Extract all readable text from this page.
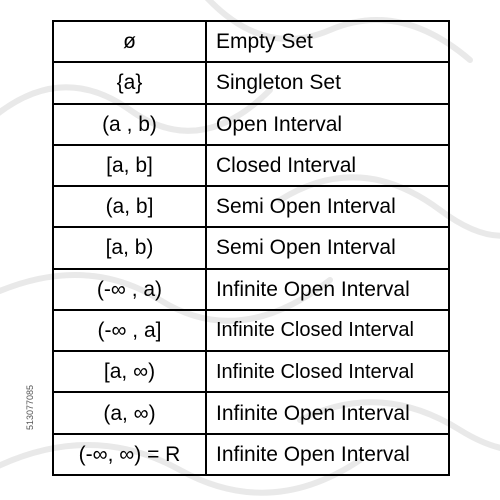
ø	Empty Set
{a}	Singleton Set
(a , b)	Open Interval
[a, b]	Closed Interval
(a, b]	Semi Open Interval
[a, b)	Semi Open Interval
(-∞ , a)	Infinite Open Interval
(-∞ , a]	Infinite Closed Interval
[a, ∞)	Infinite Closed Interval
(a, ∞)	Infinite Open Interval
(-∞, ∞) = R	Infinite Open Interval
513077085
